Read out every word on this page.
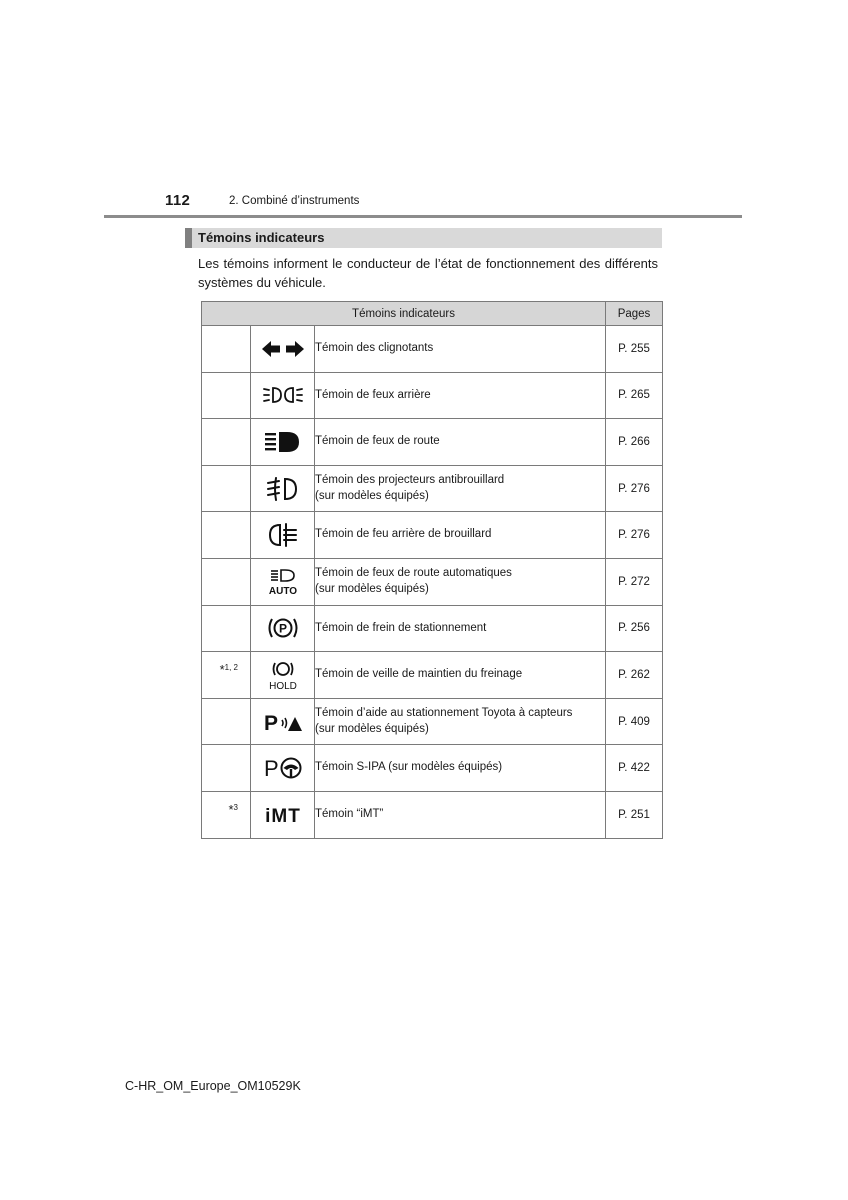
112	2. Combiné d’instruments
Témoins indicateurs
Les témoins informent le conducteur de l’état de fonctionnement des différents systèmes du véhicule.
Témoins indicateurs			Pages

Témoin des clignotants	P. 255

Témoin de feux arrière	P. 265

Témoin de feux de route	P. 266

Témoin des projecteurs antibrouillard
(sur modèles équipés)	P. 276

Témoin de feu arrière de brouillard	P. 276

AUTO	Témoin de feux de route automatiques
(sur modèles équipés)	P. 272

P	Témoin de frein de stationnement	P. 256

*$^{1, 2}$	HOLD	Témoin de veille de maintien du freinage	P. 262

P	Témoin d’aide au stationnement Toyota à capteurs
(sur modèles équipés)	P. 409

P	Témoin S-IPA (sur modèles équipés)	P. 422

*$^3$	iMT	Témoin “iMT”	P. 251
C-HR_OM_Europe_OM10529K
